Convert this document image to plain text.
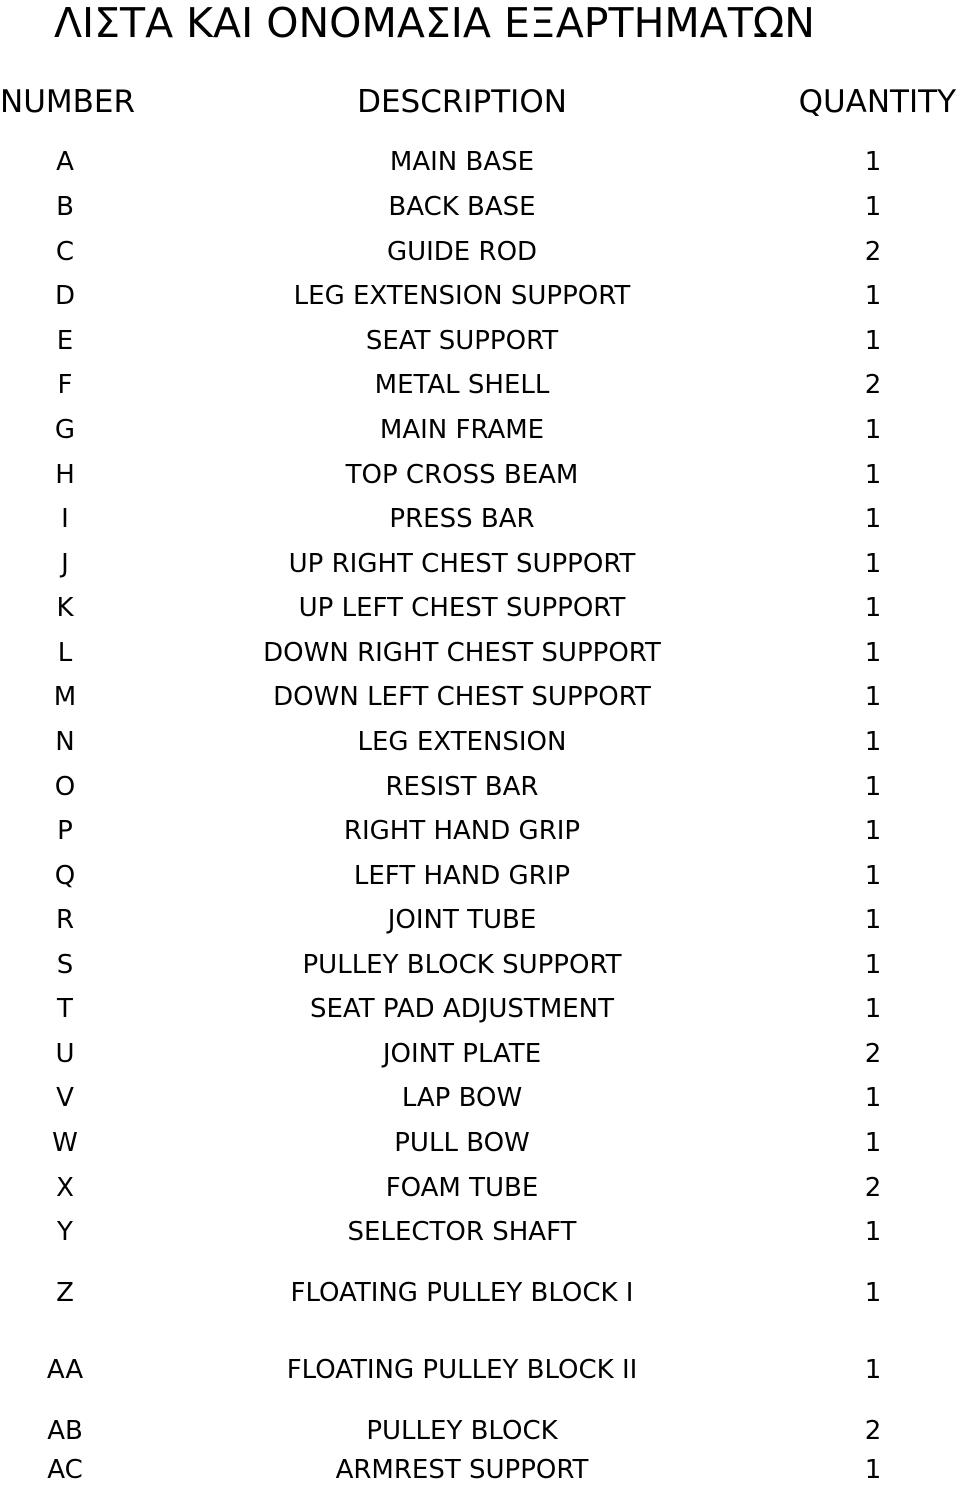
ΛΙΣΤΑ ΚΑΙ ΟΝΟΜΑΣΙΑ ΕΞΑΡΤΗΜΑΤΩΝ
NUMBER	DESCRIPTION	QUANTITY
A	MAIN BASE	1
B	BACK BASE	1
C	GUIDE ROD	2
D	LEG EXTENSION SUPPORT	1
E	SEAT SUPPORT	1
F	METAL SHELL	2
G	MAIN FRAME	1
H	TOP CROSS BEAM	1
I	PRESS BAR	1
J	UP RIGHT CHEST SUPPORT	1
K	UP LEFT CHEST SUPPORT	1
L	DOWN RIGHT CHEST SUPPORT	1
M	DOWN LEFT CHEST SUPPORT	1
N	LEG EXTENSION	1
O	RESIST BAR	1
P	RIGHT HAND GRIP	1
Q	LEFT HAND GRIP	1
R	JOINT TUBE	1
S	PULLEY BLOCK SUPPORT	1
T	SEAT PAD ADJUSTMENT	1
U	JOINT PLATE	2
V	LAP BOW	1
W	PULL BOW	1
X	FOAM TUBE	2
Y	SELECTOR SHAFT	1
Z	FLOATING PULLEY BLOCK I	1
AA	FLOATING PULLEY BLOCK II	1
AB	PULLEY BLOCK	2
AC	ARMREST SUPPORT	1
